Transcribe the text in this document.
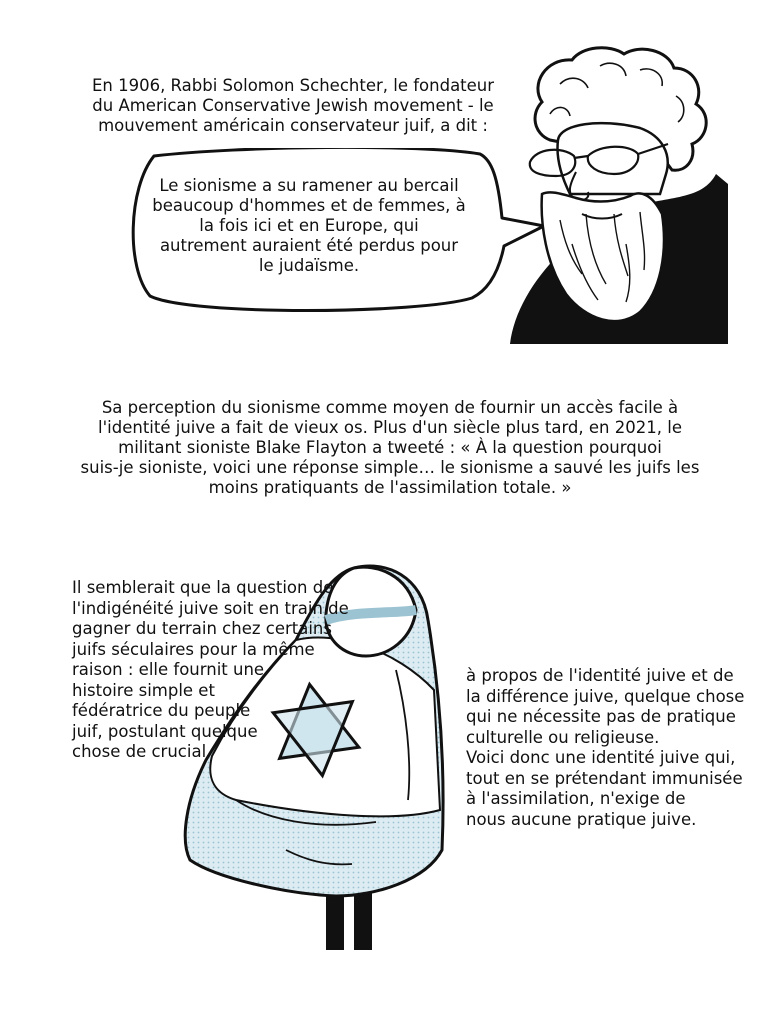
En 1906, Rabbi Solomon Schechter, le fondateur
du American Conservative Jewish movement - le
mouvement américain conservateur juif, a dit :
Le sionisme a su ramener au bercail
beaucoup d'hommes et de femmes, à
la fois ici et en Europe, qui
autrement auraient été perdus pour
le judaïsme.
Sa perception du sionisme comme moyen de fournir un accès facile à
l'identité juive a fait de vieux os. Plus d'un siècle plus tard, en 2021, le
militant sioniste Blake Flayton a tweeté : « À la question pourquoi
suis-je sioniste, voici une réponse simple… le sionisme a sauvé les juifs les
moins pratiquants de l'assimilation totale. »
Il semblerait que la question de
l'indigénéité juive soit en train de
gagner du terrain chez certains
juifs séculaires pour la même
raison : elle fournit une
histoire simple et
fédératrice du peuple
juif, postulant quelque
chose de crucial
à propos de l'identité juive et de
la différence juive, quelque chose
qui ne nécessite pas de pratique
culturelle ou religieuse.
Voici donc une identité juive qui,
tout en se prétendant immunisée
à l'assimilation, n'exige de
nous aucune pratique juive.
